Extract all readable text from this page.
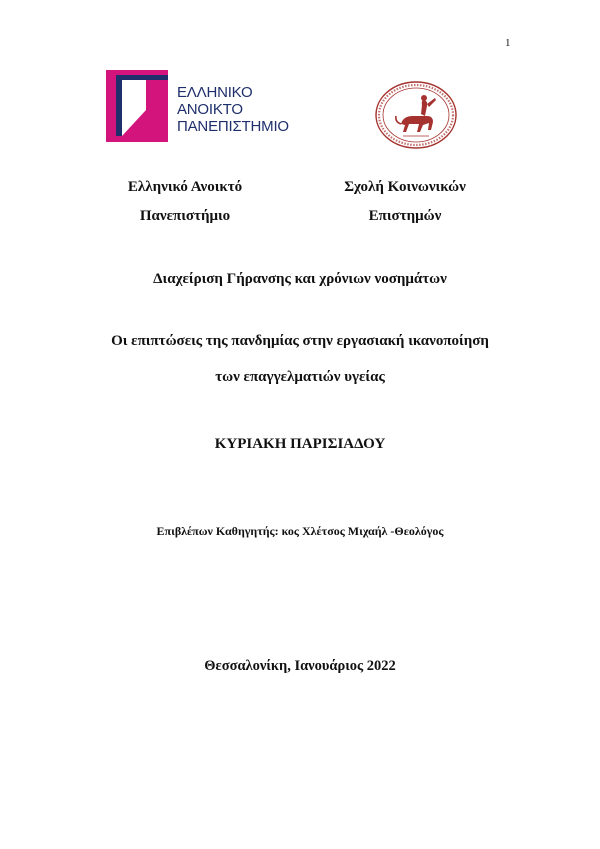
1
ΕΛΛΗΝΙΚΟ
ΑΝΟΙΚΤΟ
ΠΑΝΕΠΙΣΤΗΜΙΟ
Ελληνικό Ανοικτό
Πανεπιστήμιο
Σχολή Κοινωνικών
Επιστημών
Διαχείριση Γήρανσης και χρόνιων νοσημάτων
Οι επιπτώσεις της πανδημίας στην εργασιακή ικανοποίηση
των επαγγελματιών υγείας
ΚΥΡΙΑΚΗ ΠΑΡΙΣΙΑΔΟΥ
Επιβλέπων Καθηγητής: κος Χλέτσος Μιχαήλ -Θεολόγος
Θεσσαλονίκη, Ιανουάριος 2022
